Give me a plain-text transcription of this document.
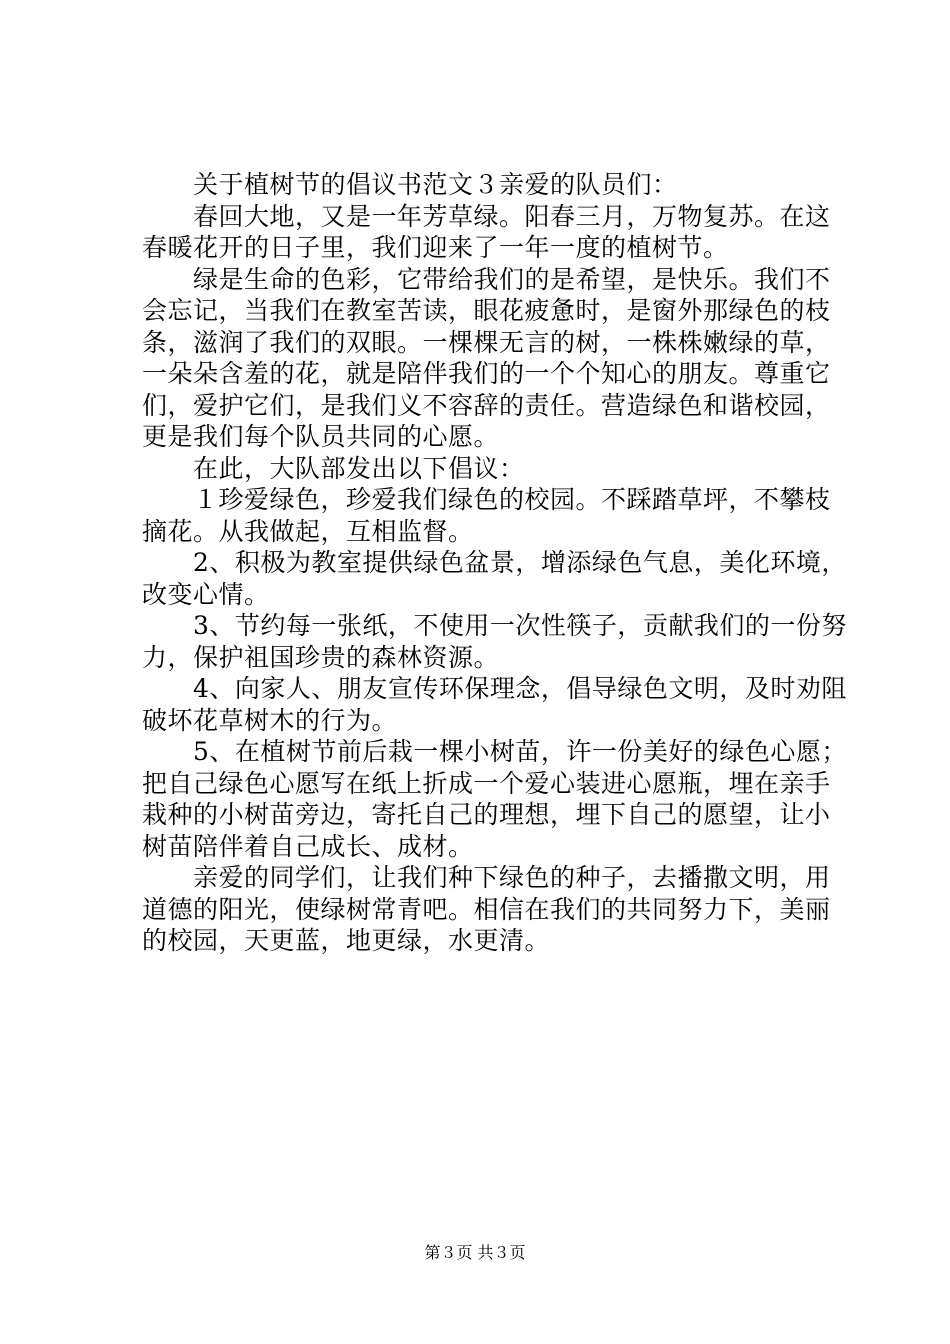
　　关于植树节的倡议书范文３亲爱的队员们：
　　春回大地，又是一年芳草绿。阳春三月，万物复苏。在这
春暖花开的日子里，我们迎来了一年一度的植树节。
　　绿是生命的色彩，它带给我们的是希望，是快乐。我们不
会忘记，当我们在教室苦读，眼花疲惫时，是窗外那绿色的枝
条，滋润了我们的双眼。一棵棵无言的树，一株株嫩绿的草，
一朵朵含羞的花，就是陪伴我们的一个个知心的朋友。尊重它
们，爱护它们，是我们义不容辞的责任。营造绿色和谐校园，
更是我们每个队员共同的心愿。
　　在此，大队部发出以下倡议：
　　１珍爱绿色，珍爱我们绿色的校园。不踩踏草坪，不攀枝
摘花。从我做起，互相监督。
　　2、积极为教室提供绿色盆景，增添绿色气息，美化环境，
改变心情。
　　3、节约每一张纸，不使用一次性筷子，贡献我们的一份努
力，保护祖国珍贵的森林资源。
　　4、向家人、朋友宣传环保理念，倡导绿色文明，及时劝阻
破坏花草树木的行为。
　　5、在植树节前后栽一棵小树苗，许一份美好的绿色心愿；
把自己绿色心愿写在纸上折成一个爱心装进心愿瓶，埋在亲手
栽种的小树苗旁边，寄托自己的理想，埋下自己的愿望，让小
树苗陪伴着自己成长、成材。
　　亲爱的同学们，让我们种下绿色的种子，去播撒文明，用
道德的阳光，使绿树常青吧。相信在我们的共同努力下，美丽
的校园，天更蓝，地更绿，水更清。
第３页 共３页
